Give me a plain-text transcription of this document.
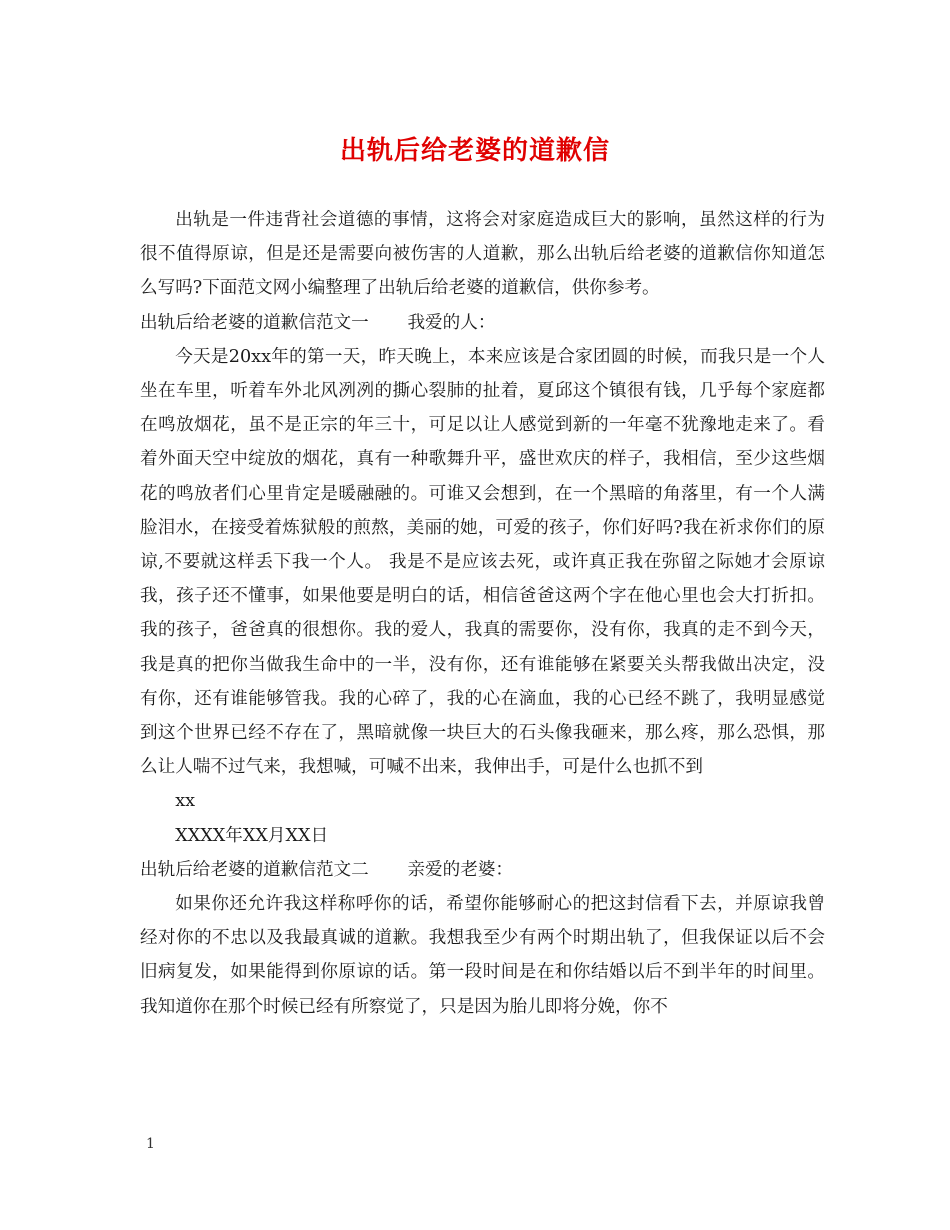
出轨后给老婆的道歉信

出轨是一件违背社会道德的事情，这将会对家庭造成巨大的影响，虽然这样的行为很不值得原谅，但是还是需要向被伤害的人道歉，那么出轨后给老婆的道歉信你知道怎么写吗?下面范文网小编整理了出轨后给老婆的道歉信，供你参考。

出轨后给老婆的道歉信范文一 我爱的人：

今天是20xx年的第一天，昨天晚上，本来应该是合家团圆的时候，而我只是一个人坐在车里，听着车外北风冽冽的撕心裂肺的扯着，夏邱这个镇很有钱，几乎每个家庭都在鸣放烟花，虽不是正宗的年三十，可足以让人感觉到新的一年毫不犹豫地走来了。看着外面天空中绽放的烟花，真有一种歌舞升平，盛世欢庆的样子，我相信，至少这些烟花的鸣放者们心里肯定是暖融融的。可谁又会想到，在一个黑暗的角落里，有一个人满脸泪水，在接受着炼狱般的煎熬，美丽的她，可爱的孩子，你们好吗?我在祈求你们的原谅,不要就这样丢下我一个人。 我是不是应该去死，或许真正我在弥留之际她才会原谅我，孩子还不懂事，如果他要是明白的话，相信爸爸这两个字在他心里也会大打折扣。我的孩子，爸爸真的很想你。我的爱人，我真的需要你，没有你，我真的走不到今天，我是真的把你当做我生命中的一半，没有你，还有谁能够在紧要关头帮我做出决定，没有你，还有谁能够管我。我的心碎了，我的心在滴血，我的心已经不跳了，我明显感觉到这个世界已经不存在了，黑暗就像一块巨大的石头像我砸来，那么疼，那么恐惧，那么让人喘不过气来，我想喊，可喊不出来，我伸出手，可是什么也抓不到

xx

XXXX年XX月XX日

出轨后给老婆的道歉信范文二 亲爱的老婆：

如果你还允许我这样称呼你的话，希望你能够耐心的把这封信看下去，并原谅我曾经对你的不忠以及我最真诚的道歉。我想我至少有两个时期出轨了，但我保证以后不会旧病复发，如果能得到你原谅的话。第一段时间是在和你结婚以后不到半年的时间里。我知道你在那个时候已经有所察觉了，只是因为胎儿即将分娩，你不

1
